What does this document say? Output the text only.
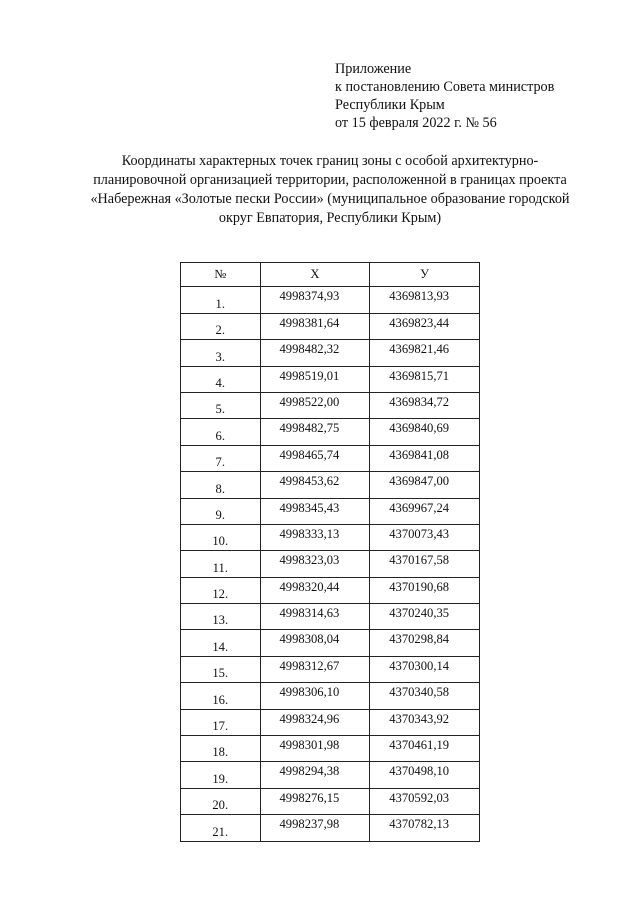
Приложение
к постановлению Совета министров
Республики Крым
от 15 февраля 2022 г. № 56
Координаты характерных точек границ зоны с особой архитектурно-
планировочной организацией территории, расположенной в границах проекта
«Набережная «Золотые пески России» (муниципальное образование городской
округ Евпатория, Республики Крым)
№	X	У
1.	4998374,93	4369813,93
2.	4998381,64	4369823,44
3.	4998482,32	4369821,46
4.	4998519,01	4369815,71
5.	4998522,00	4369834,72
6.	4998482,75	4369840,69
7.	4998465,74	4369841,08
8.	4998453,62	4369847,00
9.	4998345,43	4369967,24
10.	4998333,13	4370073,43
11.	4998323,03	4370167,58
12.	4998320,44	4370190,68
13.	4998314,63	4370240,35
14.	4998308,04	4370298,84
15.	4998312,67	4370300,14
16.	4998306,10	4370340,58
17.	4998324,96	4370343,92
18.	4998301,98	4370461,19
19.	4998294,38	4370498,10
20.	4998276,15	4370592,03
21.	4998237,98	4370782,13
